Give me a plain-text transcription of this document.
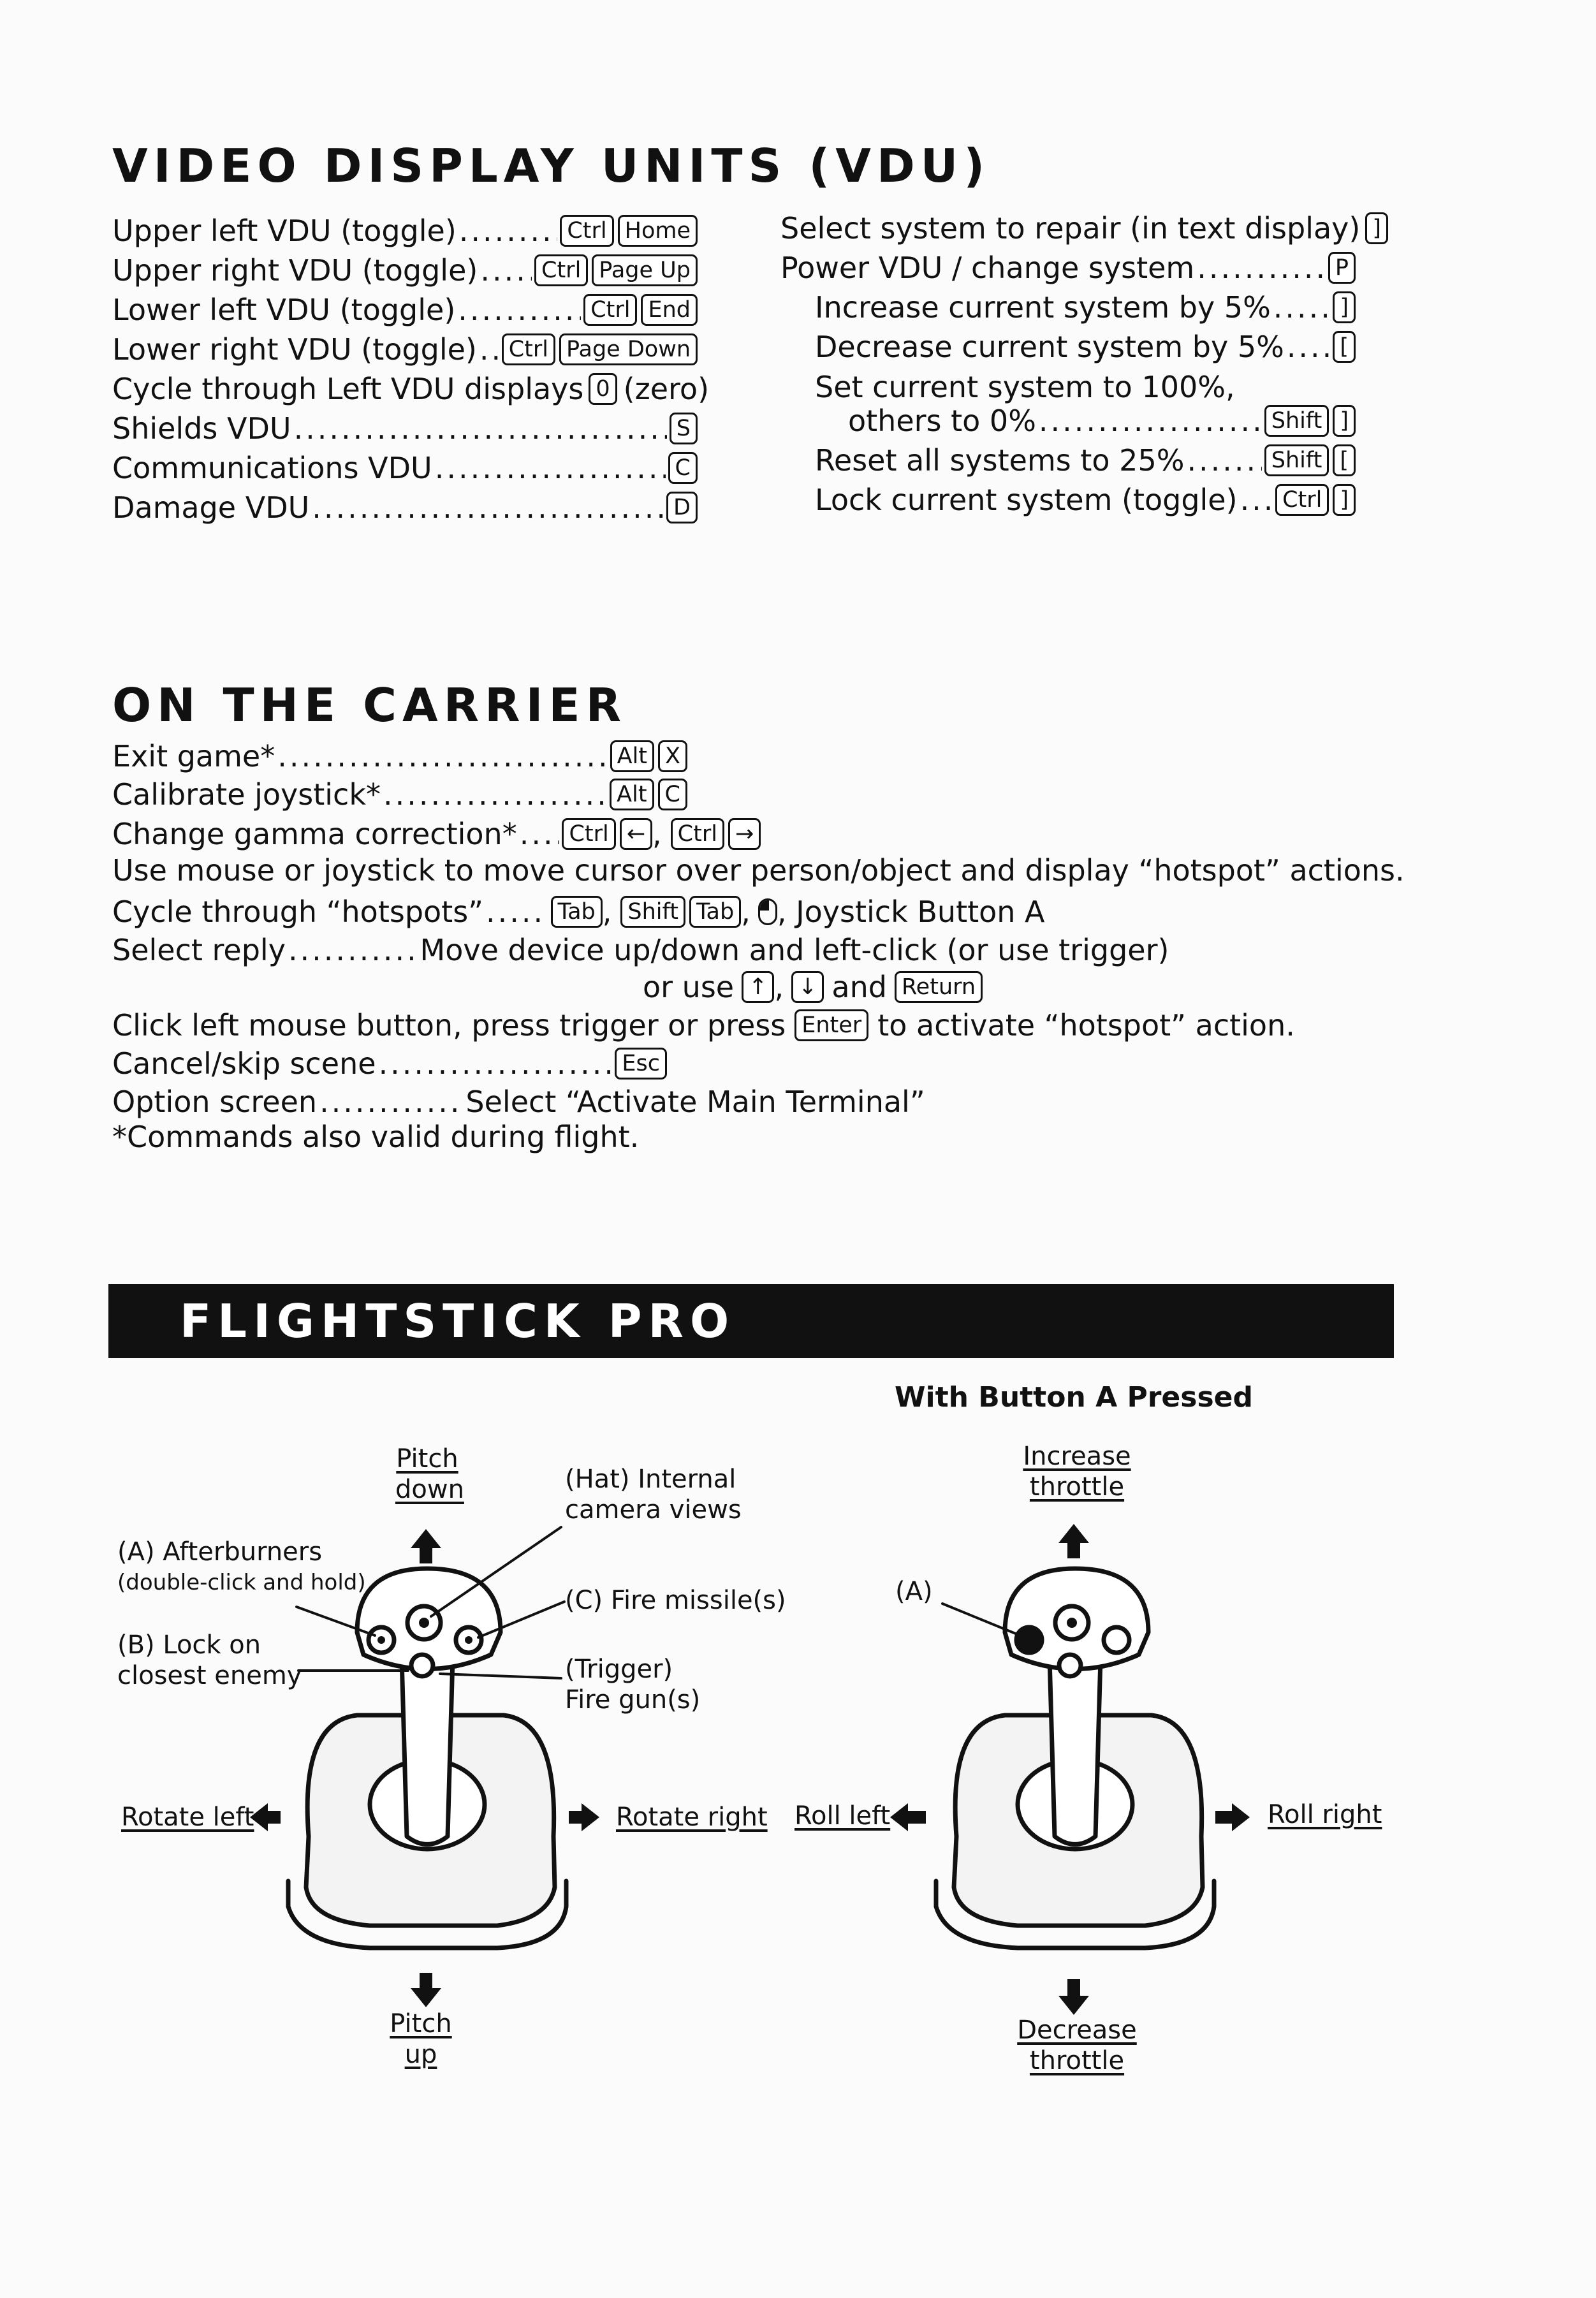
VIDEO DISPLAY UNITS (VDU)
Upper left VDU (toggle) .....	Ctrl Home
Upper right VDU (toggle) .....	Ctrl Page Up
Lower left VDU (toggle) .....	Ctrl End
Lower right VDU (toggle) .....	Ctrl Page Down
Cycle through Left VDU displays 0 (zero)
Shields VDU .....	S
Communications VDU .....	C
Damage VDU .....	D
Select system to repair (in text display) ]
Power VDU / change system .....	P
Increase current system by 5% .....	]
Decrease current system by 5% .....	[
Set current system to 100%,
others to 0% .....	Shift ]
Reset all systems to 25% .....	Shift [
Lock current system (toggle) .....	Ctrl ]
ON THE CARRIER
Exit game* .....	Alt X
Calibrate joystick* .....	Alt C
Change gamma correction* .....	Ctrl ← , Ctrl →
Use mouse or joystick to move cursor over person/object and display “hotspot” actions.
Cycle through “hotspots” .....	Tab , Shift Tab , , Joystick Button A
Select reply .....	Move device up/down and left-click (or use trigger)
or use ↑ , ↓ and Return
Click left mouse button, press trigger or press Enter to activate “hotspot” action.
Cancel/skip scene .....	Esc
Option screen .....	Select “Activate Main Terminal”
*Commands also valid during flight.
FLIGHTSTICK PRO
With Button A Pressed
Pitch
down	(Hat) Internal
camera views
(A) Afterburners
(double-click and hold)
(C) Fire missile(s)
(B) Lock on
closest enemy	(Trigger)
Fire gun(s)
Rotate left	Rotate right
Pitch
up
Increase
throttle
(A)
Roll left	Roll right
Decrease
throttle
